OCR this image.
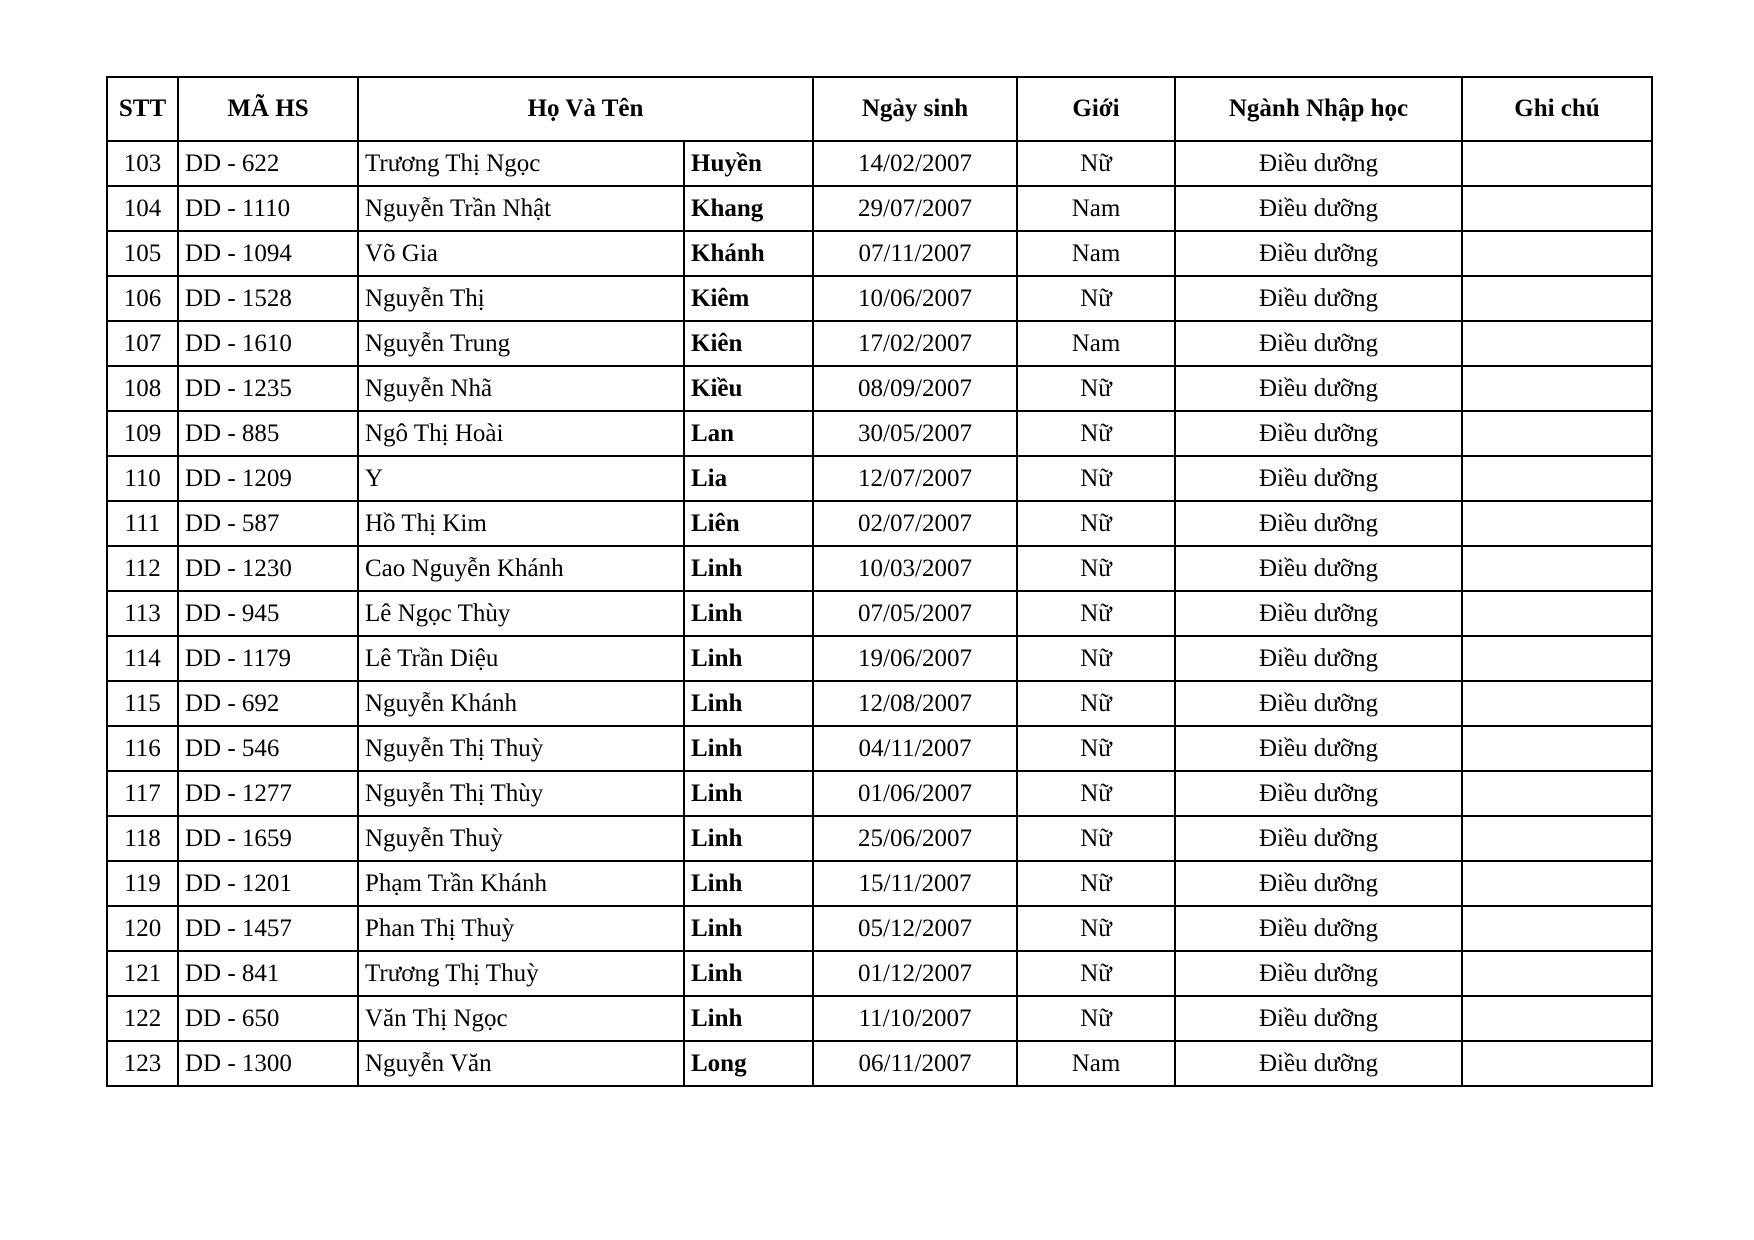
STT	MÃ HS	Họ Và Tên		Ngày sinh	Giới	Ngành Nhập học	Ghi chú
103	DD - 622	Trương Thị Ngọc	Huyền	14/02/2007	Nữ	Điều dưỡng	
104	DD - 1110	Nguyễn Trần Nhật	Khang	29/07/2007	Nam	Điều dưỡng	
105	DD - 1094	Võ Gia	Khánh	07/11/2007	Nam	Điều dưỡng	
106	DD - 1528	Nguyễn Thị	Kiêm	10/06/2007	Nữ	Điều dưỡng	
107	DD - 1610	Nguyễn Trung	Kiên	17/02/2007	Nam	Điều dưỡng	
108	DD - 1235	Nguyễn Nhã	Kiều	08/09/2007	Nữ	Điều dưỡng	
109	DD - 885	Ngô Thị Hoài	Lan	30/05/2007	Nữ	Điều dưỡng	
110	DD - 1209	Y	Lia	12/07/2007	Nữ	Điều dưỡng	
111	DD - 587	Hồ Thị Kim	Liên	02/07/2007	Nữ	Điều dưỡng	
112	DD - 1230	Cao Nguyễn Khánh	Linh	10/03/2007	Nữ	Điều dưỡng	
113	DD - 945	Lê Ngọc Thùy	Linh	07/05/2007	Nữ	Điều dưỡng	
114	DD - 1179	Lê Trần Diệu	Linh	19/06/2007	Nữ	Điều dưỡng	
115	DD - 692	Nguyễn Khánh	Linh	12/08/2007	Nữ	Điều dưỡng	
116	DD - 546	Nguyễn Thị Thuỳ	Linh	04/11/2007	Nữ	Điều dưỡng	
117	DD - 1277	Nguyễn Thị Thùy	Linh	01/06/2007	Nữ	Điều dưỡng	
118	DD - 1659	Nguyễn Thuỳ	Linh	25/06/2007	Nữ	Điều dưỡng	
119	DD - 1201	Phạm Trần Khánh	Linh	15/11/2007	Nữ	Điều dưỡng	
120	DD - 1457	Phan Thị Thuỳ	Linh	05/12/2007	Nữ	Điều dưỡng	
121	DD - 841	Trương Thị Thuỳ	Linh	01/12/2007	Nữ	Điều dưỡng	
122	DD - 650	Văn Thị Ngọc	Linh	11/10/2007	Nữ	Điều dưỡng	
123	DD - 1300	Nguyễn Văn	Long	06/11/2007	Nam	Điều dưỡng	
